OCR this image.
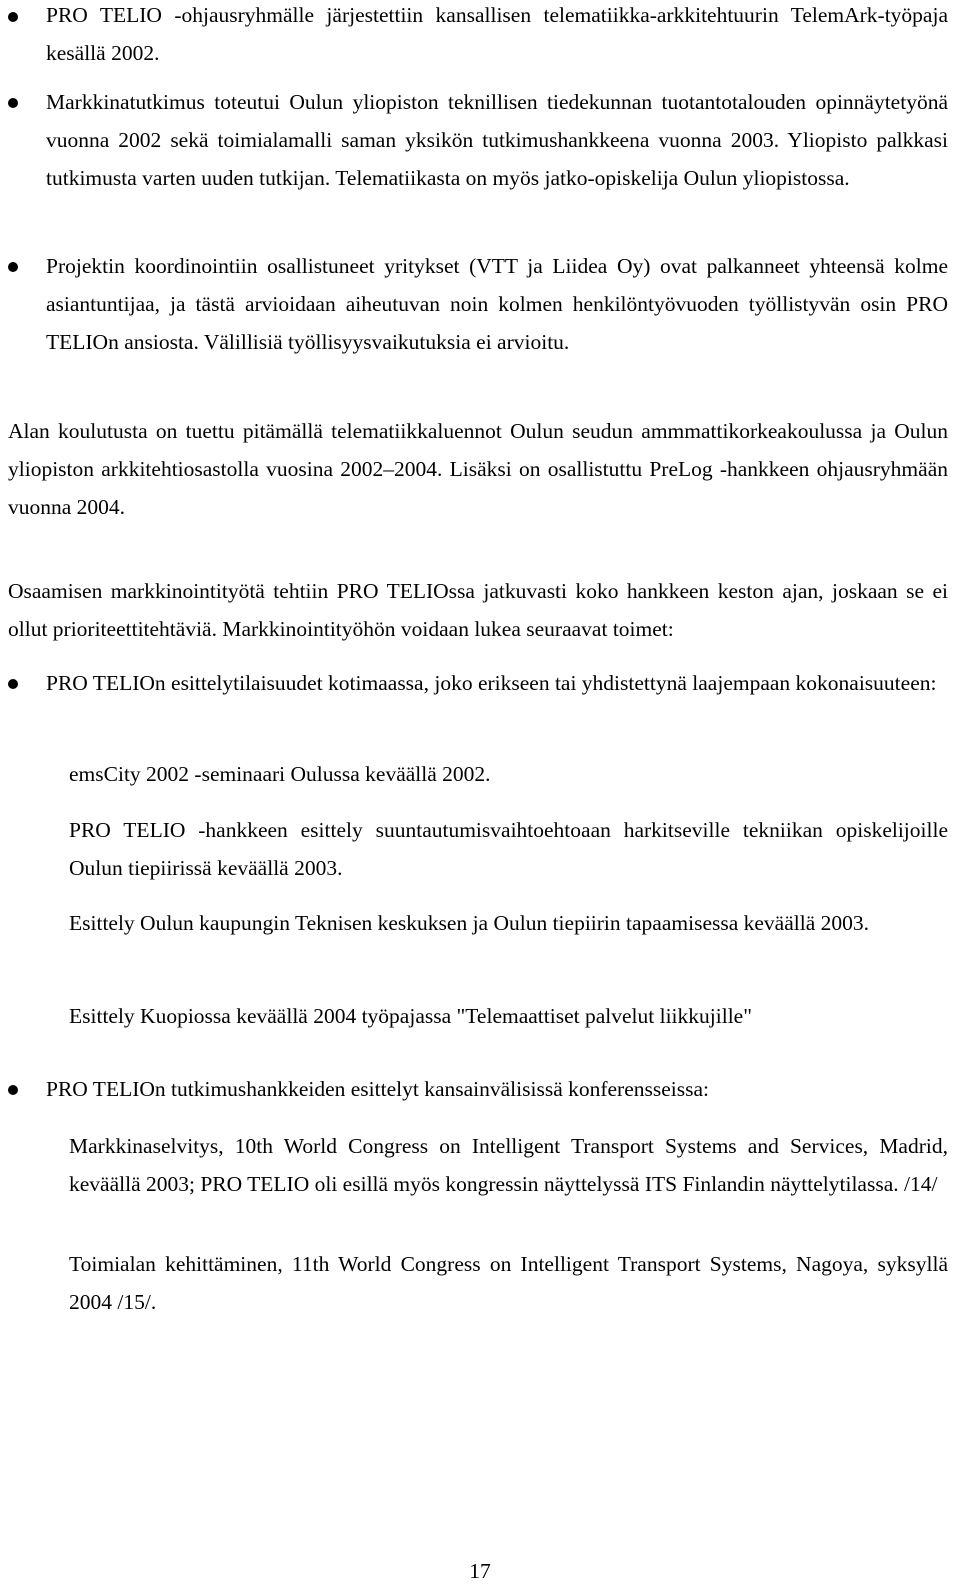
PRO TELIO -ohjausryhmälle järjestettiin kansallisen telematiikka-arkkitehtuurin TelemArk-työpaja kesällä 2002.
Markkinatutkimus toteutui Oulun yliopiston teknillisen tiedekunnan tuotantotalouden opinnäytetyönä vuonna 2002 sekä toimialamalli saman yksikön tutkimushankkeena vuonna 2003. Yliopisto palkkasi tutkimusta varten uuden tutkijan. Telematiikasta on myös jatko-opiskelija Oulun yliopistossa.
Projektin koordinointiin osallistuneet yritykset (VTT ja Liidea Oy) ovat palkanneet yhteensä kolme asiantuntijaa, ja tästä arvioidaan aiheutuvan noin kolmen henkilöntyövuoden työllistyvän osin PRO TELIOn ansiosta. Välillisiä työllisyysvaikutuksia ei arvioitu.
Alan koulutusta on tuettu pitämällä telematiikkaluennot Oulun seudun ammmattikorkeakoulussa ja Oulun yliopiston arkkitehtiosastolla vuosina 2002–2004. Lisäksi on osallistuttu PreLog -hankkeen ohjausryhmään vuonna 2004.
Osaamisen markkinointityötä tehtiin PRO TELIOssa jatkuvasti koko hankkeen keston ajan, joskaan se ei ollut prioriteettitehtäviä. Markkinointityöhön voidaan lukea seuraavat toimet:
PRO TELIOn esittelytilaisuudet kotimaassa, joko erikseen tai yhdistettynä laajempaan kokonaisuuteen:
emsCity 2002 -seminaari Oulussa keväällä 2002.
PRO TELIO -hankkeen esittely suuntautumisvaihtoehtoaan harkitseville tekniikan opiskelijoille Oulun tiepiirissä keväällä 2003.
Esittely Oulun kaupungin Teknisen keskuksen ja Oulun tiepiirin tapaamisessa keväällä 2003.
Esittely Kuopiossa keväällä 2004 työpajassa "Telemaattiset palvelut liikkujille"
PRO TELIOn tutkimushankkeiden esittelyt kansainvälisissä konferensseissa:
Markkinaselvitys, 10th World Congress on Intelligent Transport Systems and Services, Madrid, keväällä 2003; PRO TELIO oli esillä myös kongressin näyttelyssä ITS Finlandin näyttelytilassa. /14/
Toimialan kehittäminen, 11th World Congress on Intelligent Transport Systems, Nagoya, syksyllä 2004 /15/.
17
